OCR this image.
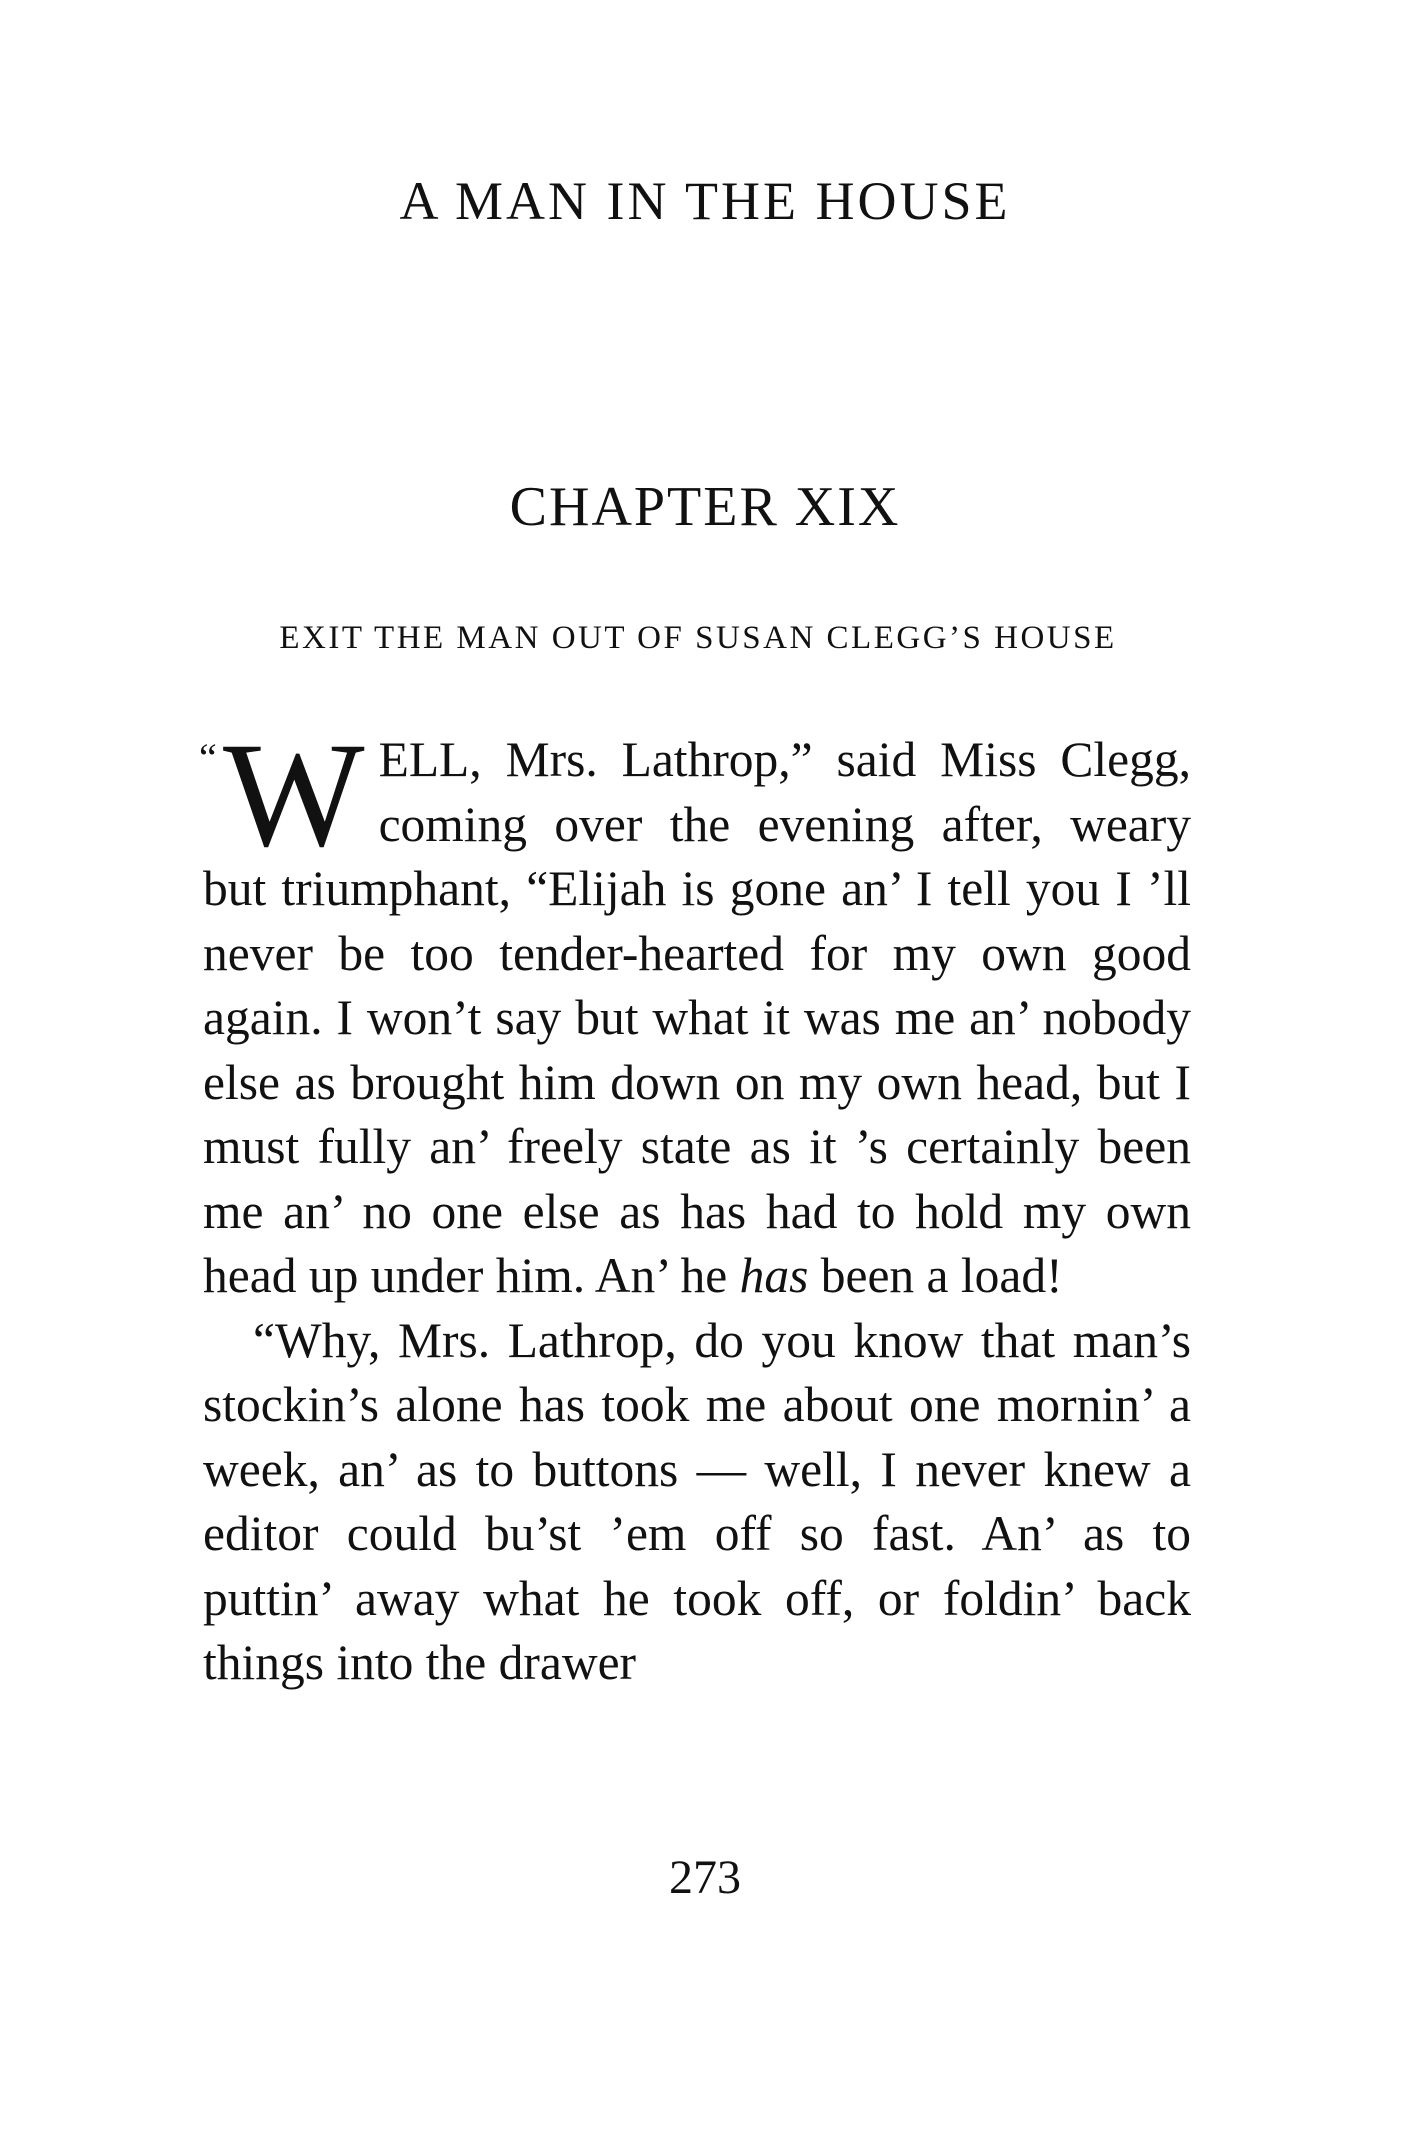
A MAN IN THE HOUSE
CHAPTER XIX
EXIT THE MAN OUT OF SUSAN CLEGG’S HOUSE

“ W ELL, Mrs. Lathrop,” said Miss Clegg, coming over the evening after, weary but triumphant, “Elijah is gone an’ I tell you I ’ll never be too tender-hearted for my own good again. I won’t say but what it was me an’ nobody else as brought him down on my own head, but I must fully an’ freely state as it ’s certainly been me an’ no one else as has had to hold my own head up under him. An’ he has been a load!

“Why, Mrs. Lathrop, do you know that man’s stockin’s alone has took me about one mornin’ a week, an’ as to buttons — well, I never knew a editor could bu’st ’em off so fast. An’ as to puttin’ away what he took off, or foldin’ back things into the drawer

273
